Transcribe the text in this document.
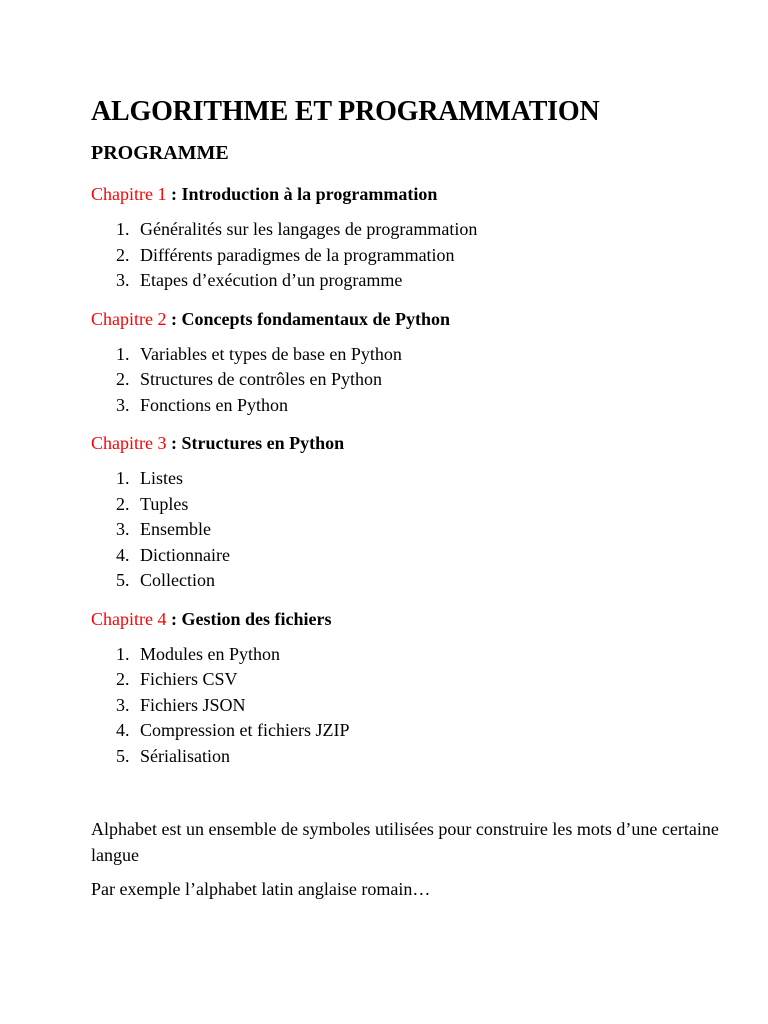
ALGORITHME ET PROGRAMMATION
PROGRAMME

Chapitre 1 : Introduction à la programmation

1. Généralités sur les langages de programmation
2. Différents paradigmes de la programmation
3. Etapes d’exécution d’un programme

Chapitre 2 : Concepts fondamentaux de Python

1. Variables et types de base en Python
2. Structures de contrôles en Python
3. Fonctions en Python

Chapitre 3 : Structures en Python

1. Listes
2. Tuples
3. Ensemble
4. Dictionnaire
5. Collection

Chapitre 4 : Gestion des fichiers

1. Modules en Python
2. Fichiers CSV
3. Fichiers JSON
4. Compression et fichiers JZIP
5. Sérialisation

Alphabet est un ensemble de symboles utilisées pour construire les mots d’une certaine langue

Par exemple l’alphabet latin anglaise romain…
